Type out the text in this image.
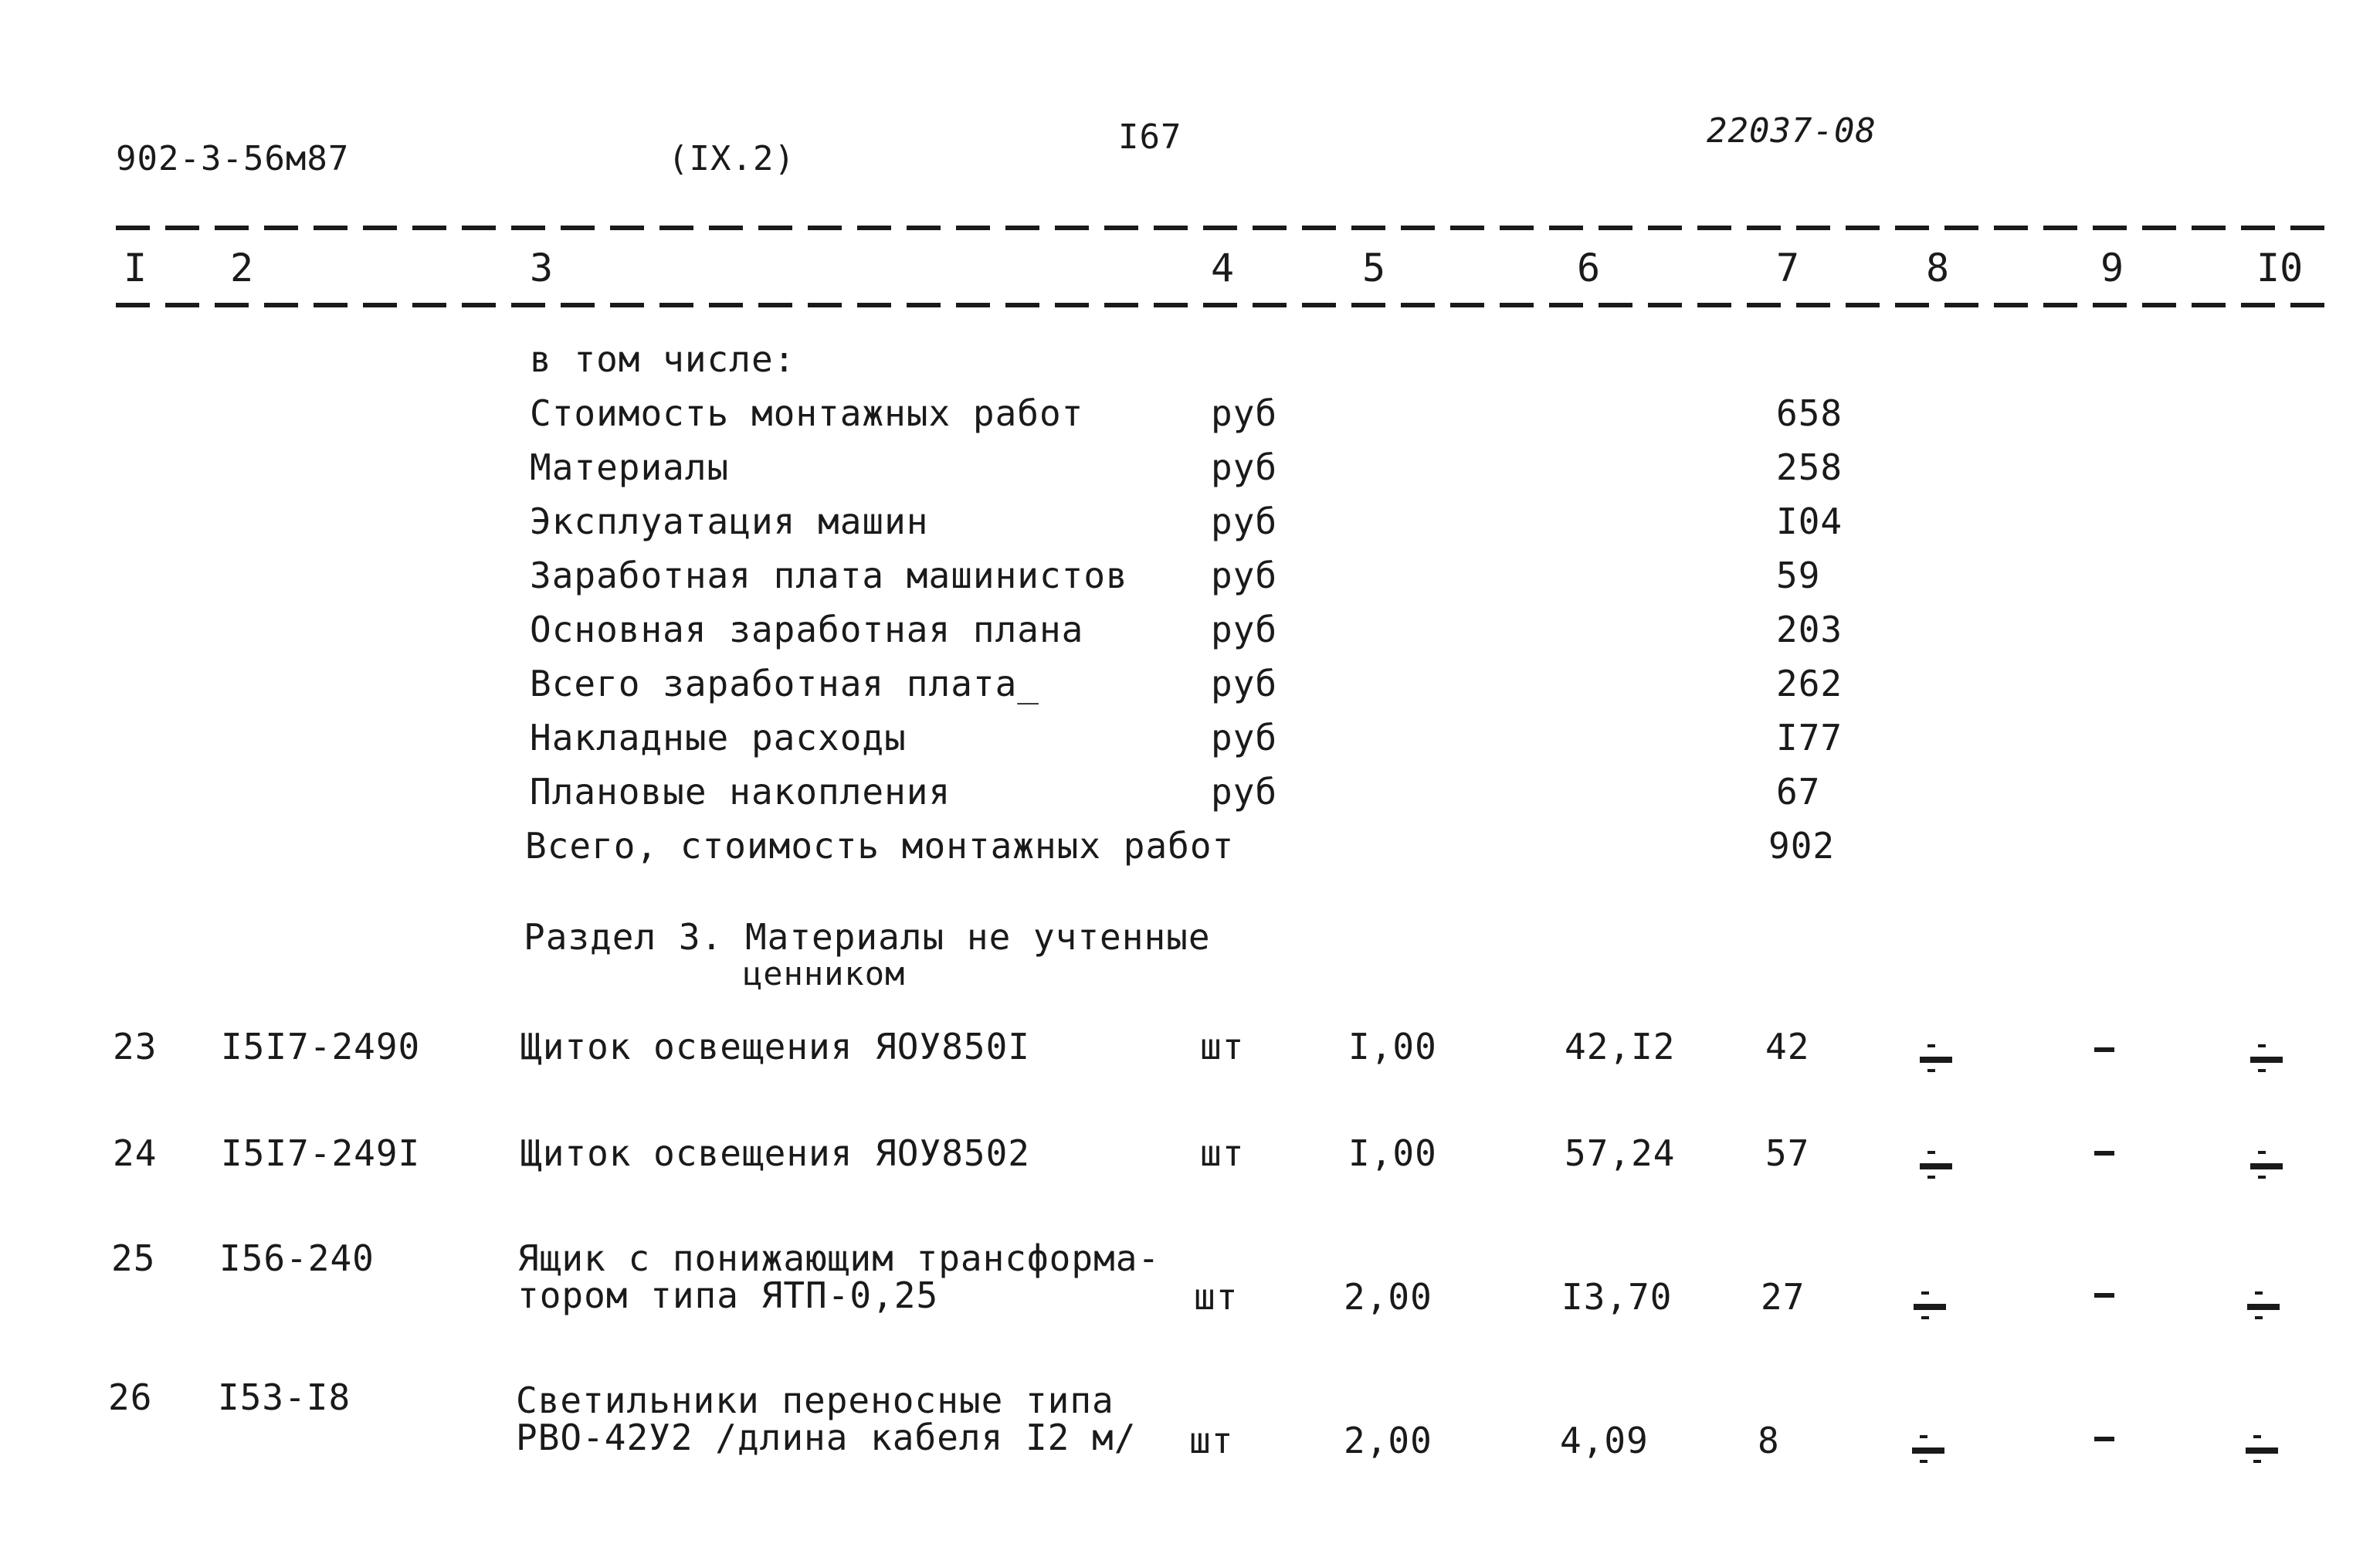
902-3-56м87	(IX.2)
I67	22037-08
I 2	3	4	5	6	7	8	9	I0
в том числе:
Стоимость монтажных работ	руб	658
Материалы	руб	258
Эксплуатация машин	руб	I04
Заработная плата машинистов руб	59
Основная заработная плана	руб	203
Всего заработная плата_	руб	262
Накладные расходы	руб	I77
Плановые накопления	руб	67
Всего, стоимость монтажных работ	902
Раздел 3. Материалы не учтенные
ценником
23 I5I7-2490	Щиток освещения ЯОУ850I	шт	I,00	42,I2	42
24 I5I7-249I	Щиток освещения ЯОУ8502	шт	I,00	57,24	57
25 I56-240	Ящик с понижающим трансформа-
тором типа ЯТП-0,25	шт	2,00	I3,70 27
26 I53-I8	Светильники переносные типа
РВО-42У2 /длина кабеля I2 м/ шт	2,00	4,09	8
